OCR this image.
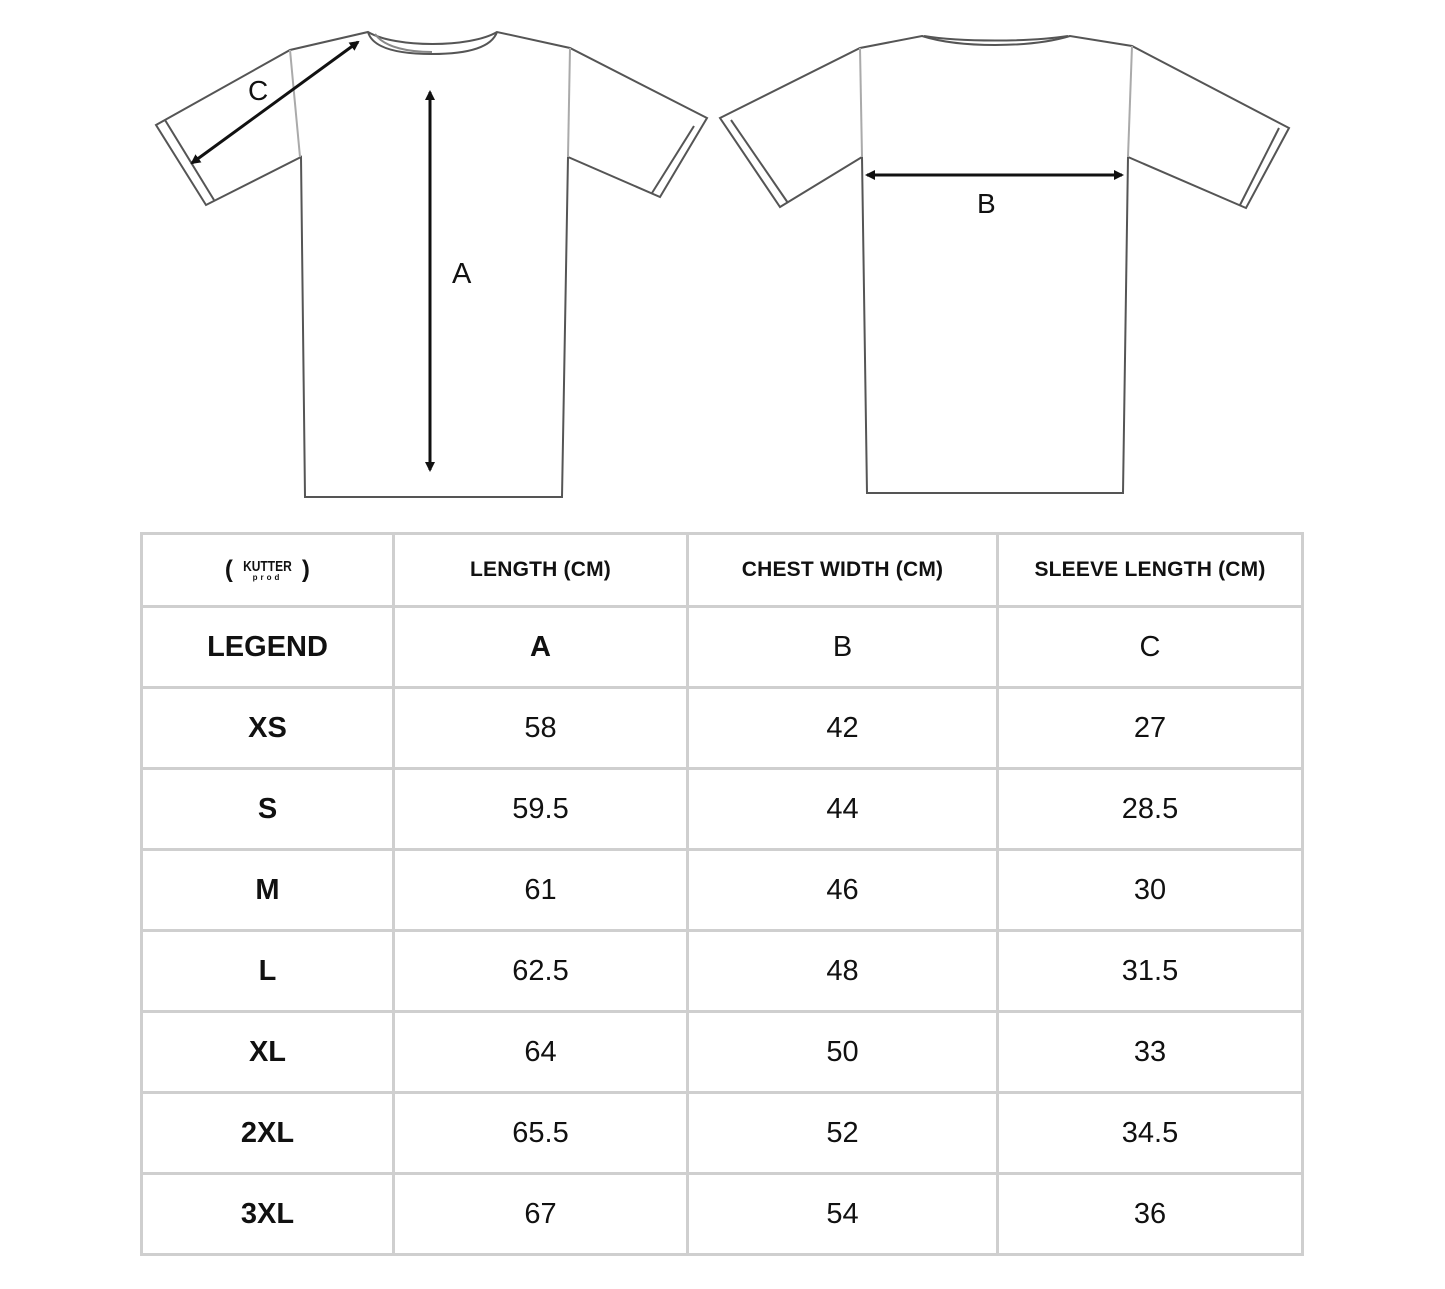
A
B
C
( KUTTER
prod )	LENGTH (CM)	CHEST WIDTH (CM)	SLEEVE LENGTH (CM)
LEGEND	A	B	C
XS	58	42	27
S	59.5	44	28.5
M	61	46	30
L	62.5	48	31.5
XL	64	50	33
2XL	65.5	52	34.5
3XL	67	54	36
